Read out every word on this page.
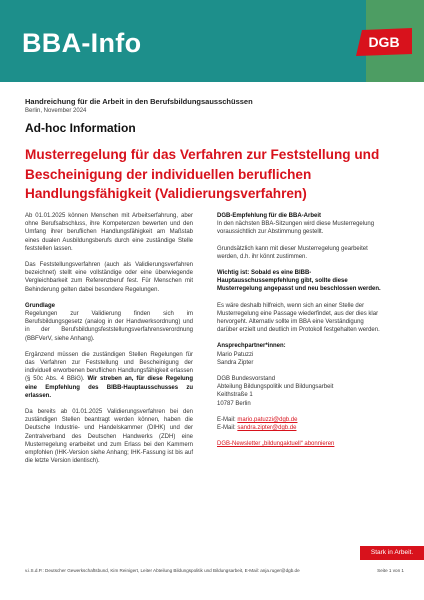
BBA-Info	DGB
Handreichung für die Arbeit in den Berufsbildungsausschüssen
Berlin, November 2024
Ad-hoc Information
Musterregelung für das Verfahren zur Feststellung und Bescheinigung der individuellen beruflichen Handlungsfähigkeit (Validierungsverfahren)

Ab 01.01.2025 können Menschen mit Arbeitserfahrung, aber ohne Berufsabschluss, ihre Kompetenzen bewerten und den Umfang ihrer beruflichen Handlungsfähigkeit am Maßstab eines dualen Ausbildungsberufs durch eine zuständige Stelle feststellen lassen.

Das Feststellungsverfahren (auch als Validierungsverfahren bezeichnet) stellt eine vollständige oder eine überwiegende Vergleichbarkeit zum Referenzberuf fest. Für Menschen mit Behinderung gelten dabei besondere Regelungen.

Grundlage
Regelungen zur Validierung finden sich im Berufsbildungsgesetz (analog in der Handwerksordnung) und in der Berufsbildungsfeststellungsverfahrensverordnung (BBFVerV, siehe Anhang).

Ergänzend müssen die zuständigen Stellen Regelungen für das Verfahren zur Feststellung und Bescheinigung der individuell erworbenen beruflichen Handlungsfähigkeit erlassen (§ 50c Abs. 4 BBiG). Wir streben an, für diese Regelung eine Empfehlung des BIBB-Hauptausschusses zu erlassen.

Da bereits ab 01.01.2025 Validierungsverfahren bei den zuständigen Stellen beantragt werden können, haben die Deutsche Industrie- und Handelskammer (DIHK) und der Zentralverband des Deutschen Handwerks (ZDH) eine Musterregelung erarbeitet und zum Erlass bei den Kammern empfohlen (IHK-Version siehe Anhang; IHK-Fassung ist bis auf die letzte Version identisch).

DGB-Empfehlung für die BBA-Arbeit
In den nächsten BBA-Sitzungen wird diese Musterregelung voraussichtlich zur Abstimmung gestellt.

Grundsätzlich kann mit dieser Musterregelung gearbeitet werden, d.h. ihr könnt zustimmen.

Wichtig ist: Sobald es eine BIBB-Hauptausschussempfehlung gibt, sollte diese Musterregelung angepasst und neu beschlossen werden.

Es wäre deshalb hilfreich, wenn sich an einer Stelle der Musterregelung eine Passage wiederfindet, aus der dies klar hervorgeht. Alternativ sollte im BBA eine Verständigung darüber erzielt und deutlich im Protokoll festgehalten werden.

Ansprechpartner*innen:
Mario Patuzzi
Sandra Zipter

DGB Bundesvorstand
Abteilung Bildungspolitik und Bildungsarbeit
Keithstraße 1
10787 Berlin

E-Mail: mario.patuzzi@dgb.de
E-Mail: sandra.zipter@dgb.de

DGB-Newsletter „bildungaktuell“ abonnieren

Stark in Arbeit.
v.i.S.d.P.: Deutscher Gewerkschaftsbund, Kim Reinigert, Leiter Abteilung Bildungspolitik und Bildungsarbeit, E-Mail: anja.ruger@dgb.de	Seite 1 von 1
